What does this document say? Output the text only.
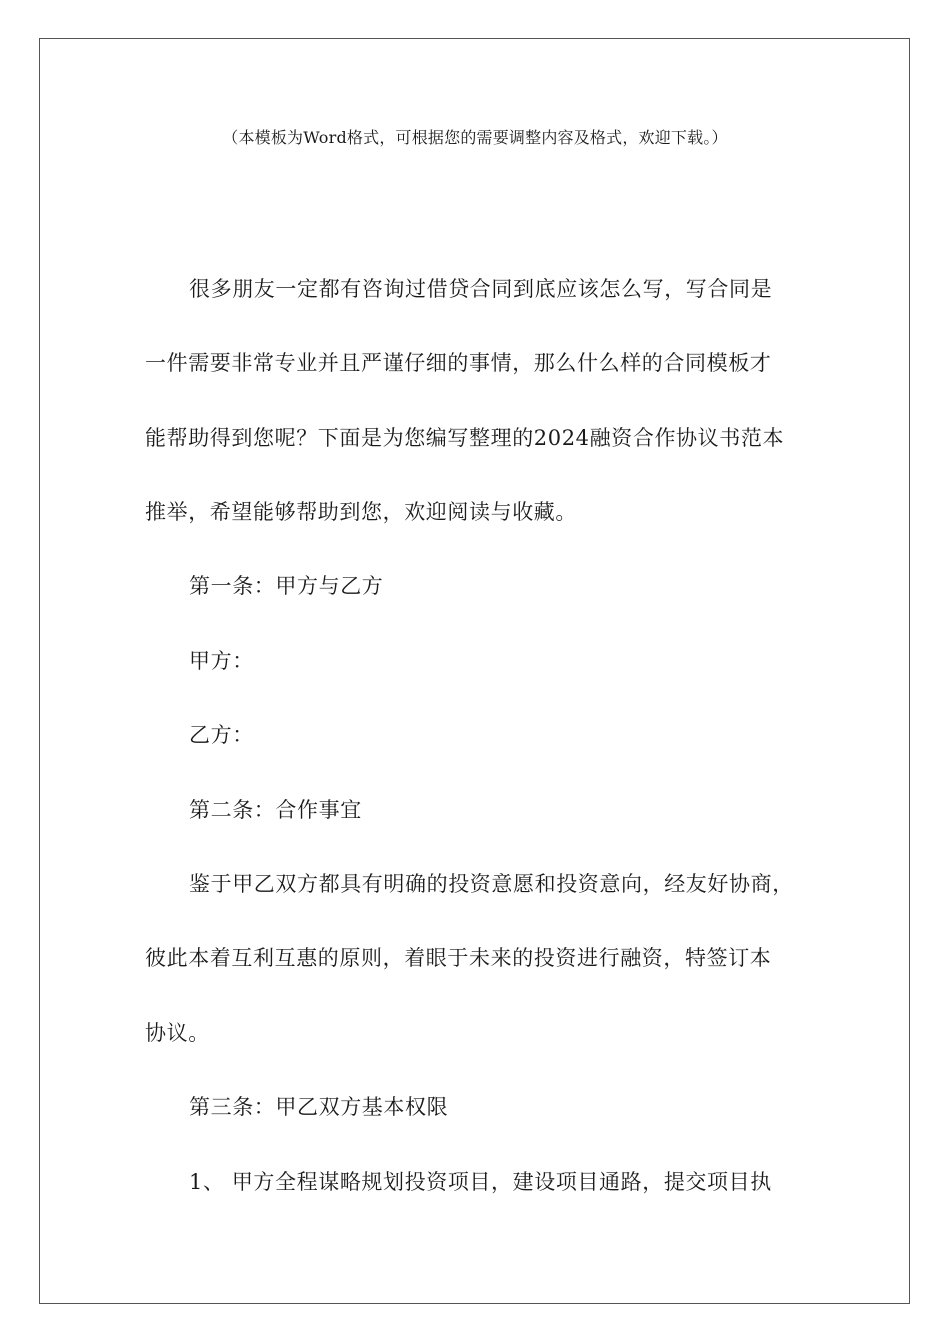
（本模板为Word格式，可根据您的需要调整内容及格式，欢迎下载。）
很多朋友一定都有咨询过借贷合同到底应该怎么写，写合同是
一件需要非常专业并且严谨仔细的事情，那么什么样的合同模板才
能帮助得到您呢？下面是为您编写整理的2024融资合作协议书范本
推举，希望能够帮助到您，欢迎阅读与收藏。
第一条：甲方与乙方
甲方：
乙方：
第二条：合作事宜
鉴于甲乙双方都具有明确的投资意愿和投资意向，经友好协商，
彼此本着互利互惠的原则，着眼于未来的投资进行融资，特签订本
协议。
第三条：甲乙双方基本权限
1、 甲方全程谋略规划投资项目，建设项目通路，提交项目执
